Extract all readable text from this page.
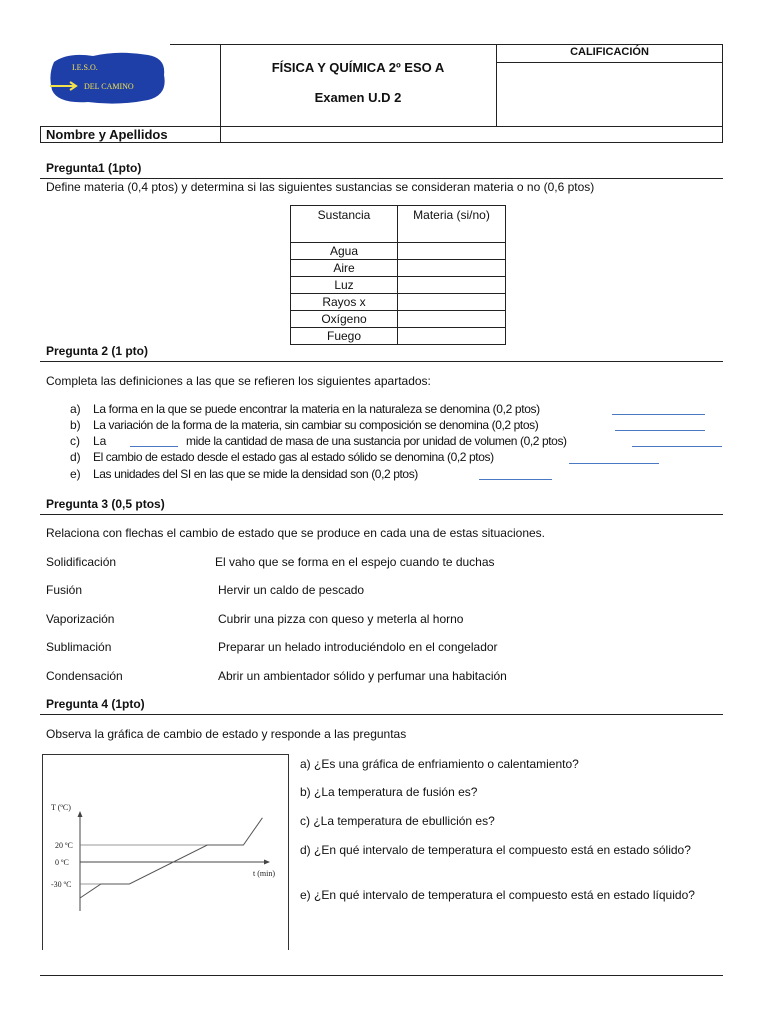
I.E.S.O.
DEL CAMINO
FÍSICA Y QUÍMICA 2º ESO A
Examen U.D 2
CALIFICACIÓN
Nombre y Apellidos
Pregunta1 (1pto)
Define materia (0,4 ptos) y determina si las siguientes sustancias se consideran materia o no (0,6 ptos)
Sustancia	Materia (si/no)
Agua	
Aire	
Luz	
Rayos x	
Oxígeno	
Fuego	
Pregunta 2 (1 pto)
Completa las definiciones a las que se refieren los siguientes apartados:
a) La forma en la que se puede encontrar la materia en la naturaleza se denomina (0,2 ptos)
b) La variación de la forma de la materia, sin cambiar su composición se denomina (0,2 ptos)
c) La	mide la cantidad de masa de una sustancia por unidad de volumen (0,2 ptos)
d) El cambio de estado desde el estado gas al estado sólido se denomina (0,2 ptos)
e) Las unidades del SI en las que se mide la densidad son (0,2 ptos)
Pregunta 3 (0,5 ptos)
Relaciona con flechas el cambio de estado que se produce en cada una de estas situaciones.
Solidificación	El vaho que se forma en el espejo cuando te duchas
Fusión	Hervir un caldo de pescado
Vaporización	Cubrir una pizza con queso y meterla al horno
Sublimación	Preparar un helado introduciéndolo en el congelador
Condensación	Abrir un ambientador sólido y perfumar una habitación
Pregunta 4 (1pto)
Observa la gráfica de cambio de estado y responde a las preguntas
T (ºC)
t (min)
20 ºC
0 ºC
-30 ºC
a) ¿Es una gráfica de enfriamiento o calentamiento?
b) ¿La temperatura de fusión es?
c) ¿La temperatura de ebullición es?
d) ¿En qué intervalo de temperatura el compuesto está en estado sólido?
e) ¿En qué intervalo de temperatura el compuesto está en estado líquido?
